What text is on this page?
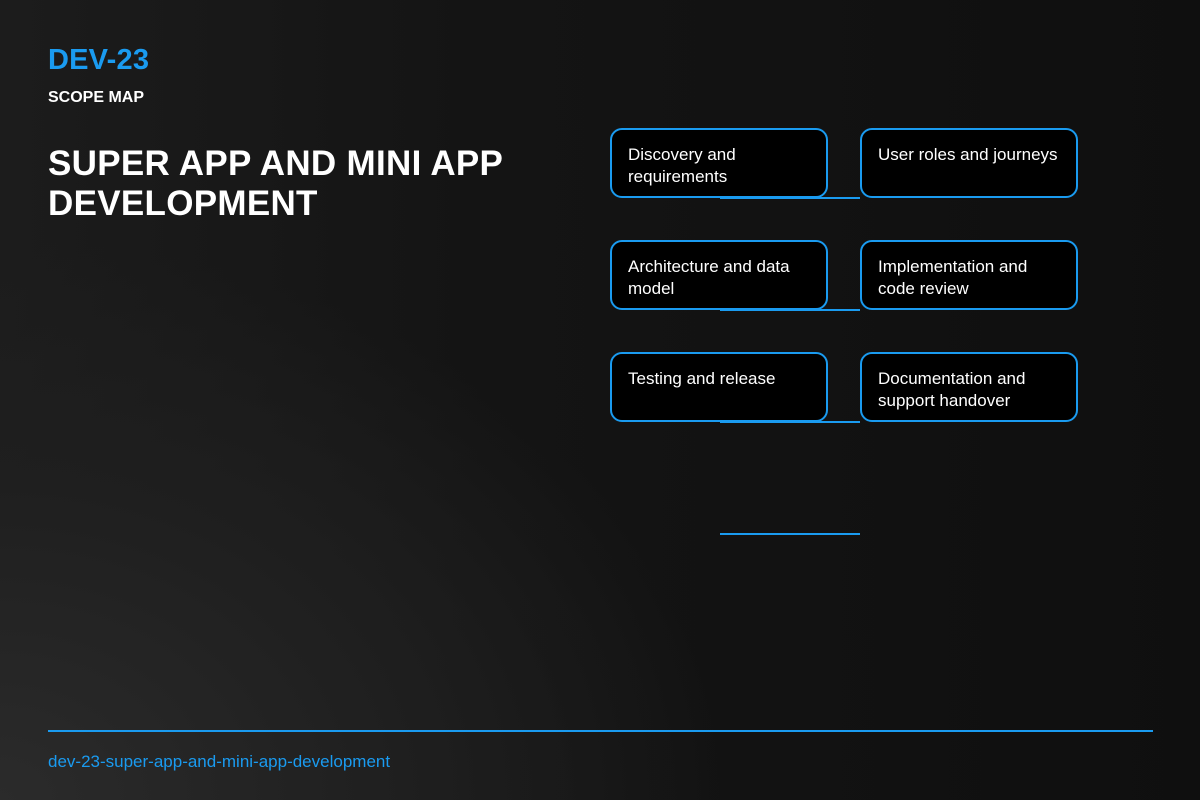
DEV-23
SCOPE MAP
SUPER APP AND MINI APP DEVELOPMENT
Discovery and requirements
User roles and journeys
Architecture and data model
Implementation and code review
Testing and release	Documentation and support handover
dev-23-super-app-and-mini-app-development
